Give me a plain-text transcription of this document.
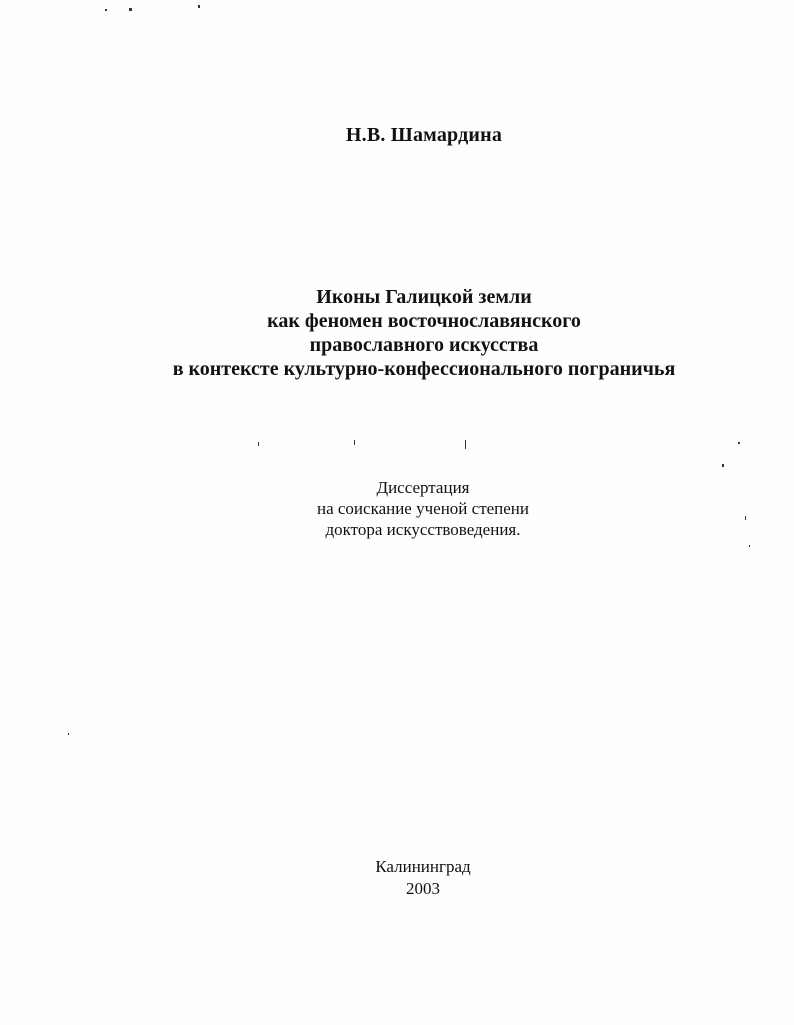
Н.В. Шамардина
Иконы Галицкой земли
как феномен восточнославянского
православного искусства
в контексте культурно-конфессионального пограничья
Диссертация
на соискание ученой степени
доктора искусствоведения.
Калининград
2003
